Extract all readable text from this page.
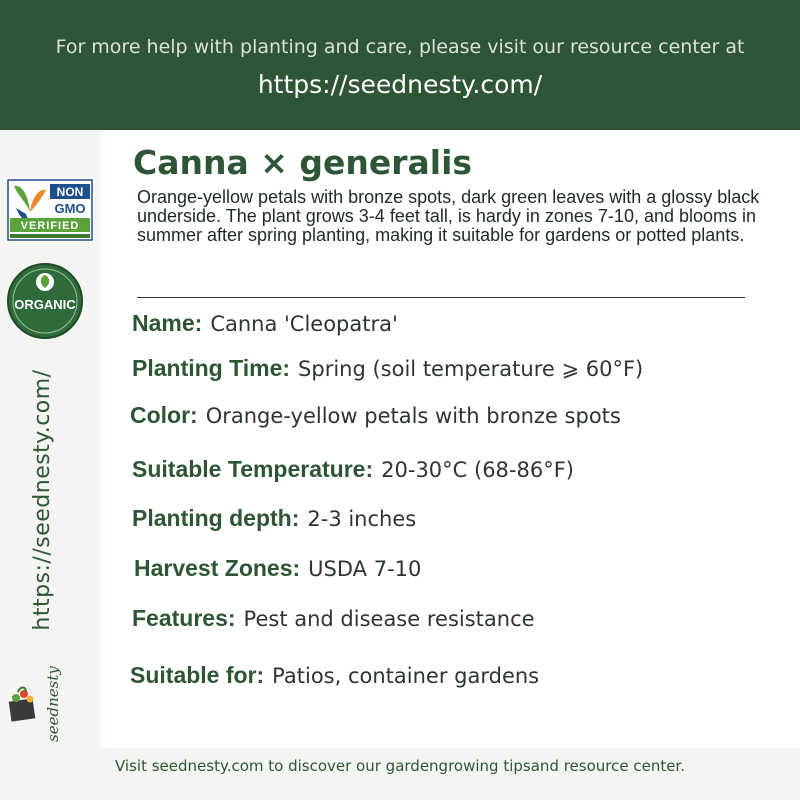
For more help with planting and care, please visit our resource center at
https://seednesty.com/
NON
GMO
VERIFIED
ORGANIC
https://seednesty.com/
seednesty
Canna × generalis
Orange-yellow petals with bronze spots, dark green leaves with a glossy black underside. The plant grows 3-4 feet tall, is hardy in zones 7-10, and blooms in summer after spring planting, making it suitable for gardens or potted plants.
Name: Canna 'Cleopatra'
Planting Time: Spring (soil temperature ⩾ 60°F)
Color: Orange-yellow petals with bronze spots
Suitable Temperature: 20-30°C (68-86°F)
Planting depth: 2-3 inches
Harvest Zones: USDA 7-10
Features: Pest and disease resistance
Suitable for: Patios, container gardens
Visit seednesty.com to discover our gardengrowing tipsand resource center.
